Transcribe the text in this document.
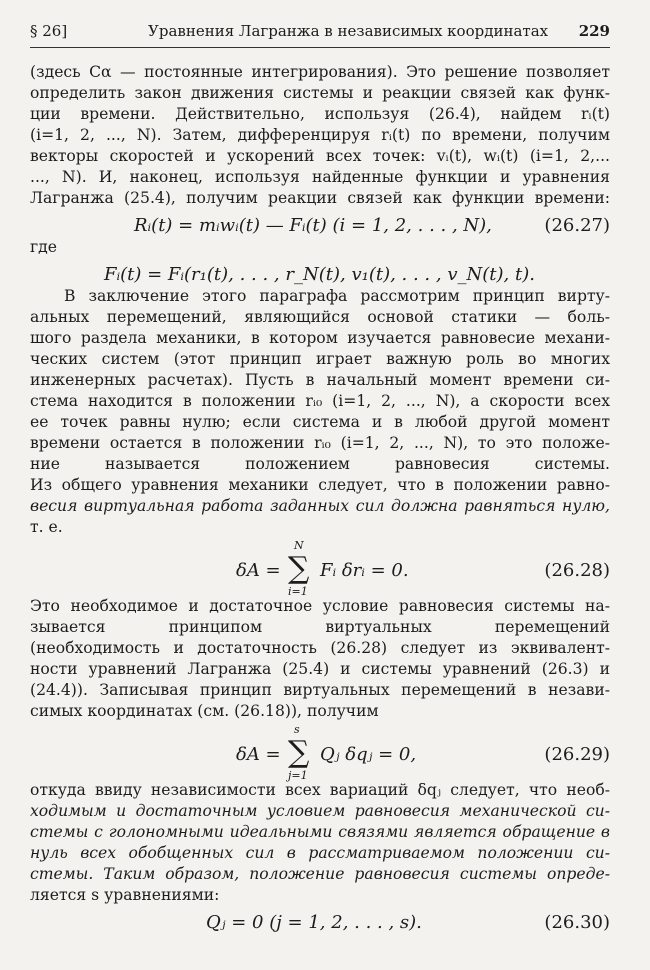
§ 26]	Уравнения Лагранжа в независимых координатах 229
(здесь Cα — постоянные интегрирования). Это решение позволяет
определить закон движения системы и реакции связей как функ-
ции времени. Действительно, используя (26.4), найдем rᵢ(t)
(i=1, 2, ..., N). Затем, дифференцируя rᵢ(t) по времени, получим
векторы скоростей и ускорений всех точек: vᵢ(t), wᵢ(t) (i=1, 2,...
..., N). И, наконец, используя найденные функции и уравнения
Лагранжа (25.4), получим реакции связей как функции времени:
Rᵢ(t) = mᵢwᵢ(t) — Fᵢ(t) (i = 1, 2, . . . , N),	(26.27)
где
Fᵢ(t) = Fᵢ(r₁(t), . . . , r_N(t), v₁(t), . . . , v_N(t), t).
В заключение этого параграфа рассмотрим принцип вирту-
альных перемещений, являющийся основой статики — боль-
шого раздела механики, в котором изучается равновесие механи-
ческих систем (этот принцип играет важную роль во многих
инженерных расчетах). Пусть в начальный момент времени си-
стема находится в положении rᵢ₀ (i=1, 2, ..., N), а скорости всех
ее точек равны нулю; если система и в любой другой момент
времени остается в положении rᵢ₀ (i=1, 2, ..., N), то это положе-
ние называется положением равновесия системы.
Из общего уравнения механики следует, что в положении равно-
весия виртуальная работа заданных сил должна равняться нулю,
т. е.
δA =
N
∑
i=1
Fᵢ δrᵢ = 0.	(26.28)
Это необходимое и достаточное условие равновесия системы на-
зывается принципом виртуальных перемещений
(необходимость и достаточность (26.28) следует из эквивалент-
ности уравнений Лагранжа (25.4) и системы уравнений (26.3) и
(24.4)). Записывая принцип виртуальных перемещений в незави-
симых координатах (см. (26.18)), получим
δA =
s
∑
j=1
Qⱼ δqⱼ = 0,	(26.29)
откуда ввиду независимости всех вариаций δqⱼ следует, что необ-
ходимым и достаточным условием равновесия механической си-
стемы с голономными идеальными связями является обращение в
нуль всех обобщенных сил в рассматриваемом положении си-
стемы. Таким образом, положение равновесия системы опреде-
ляется s уравнениями:
Qⱼ = 0 (j = 1, 2, . . . , s).	(26.30)
